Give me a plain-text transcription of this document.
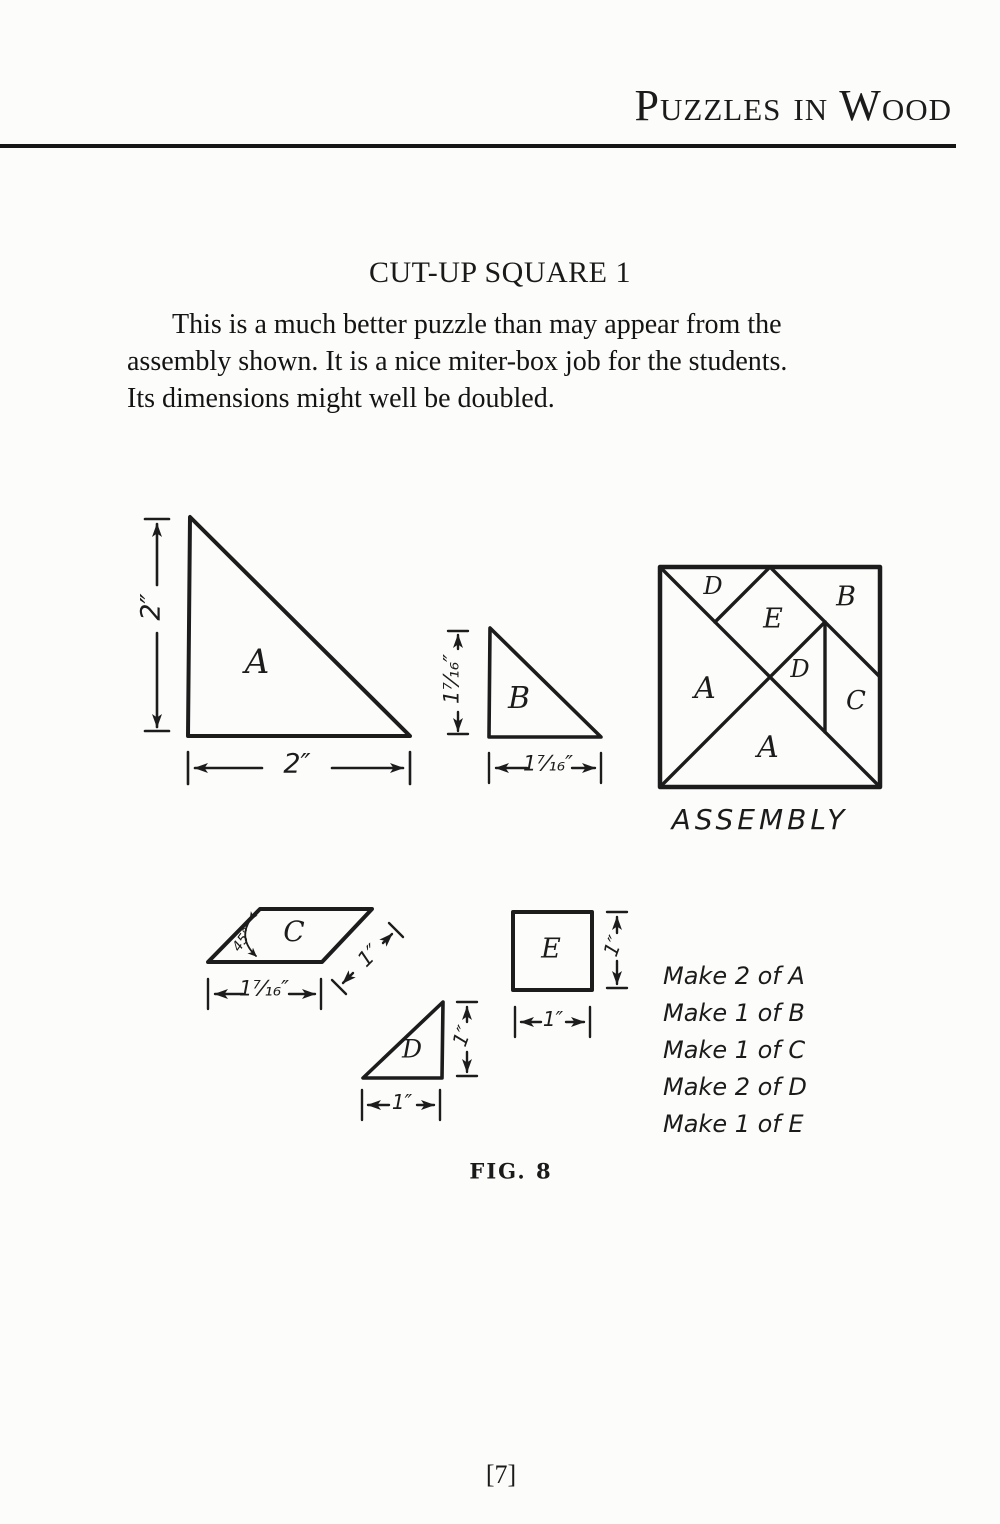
Puzzles in Wood
CUT-UP SQUARE 1
This is a much better puzzle than may appear from the
assembly shown. It is a nice miter-box job for the students.
Its dimensions might well be doubled.
A
2″
2″
B
1⁷⁄₁₆″
1⁷⁄₁₆″
D	B
E
A
D
C
A
ASSEMBLY
C
45°
1⁷⁄₁₆″
1″
D 1″
1″
E 1″
1″
Make 2 of A
Make 1 of B
Make 1 of C
Make 2 of D
Make 1 of E
FIG. 8
[7]
